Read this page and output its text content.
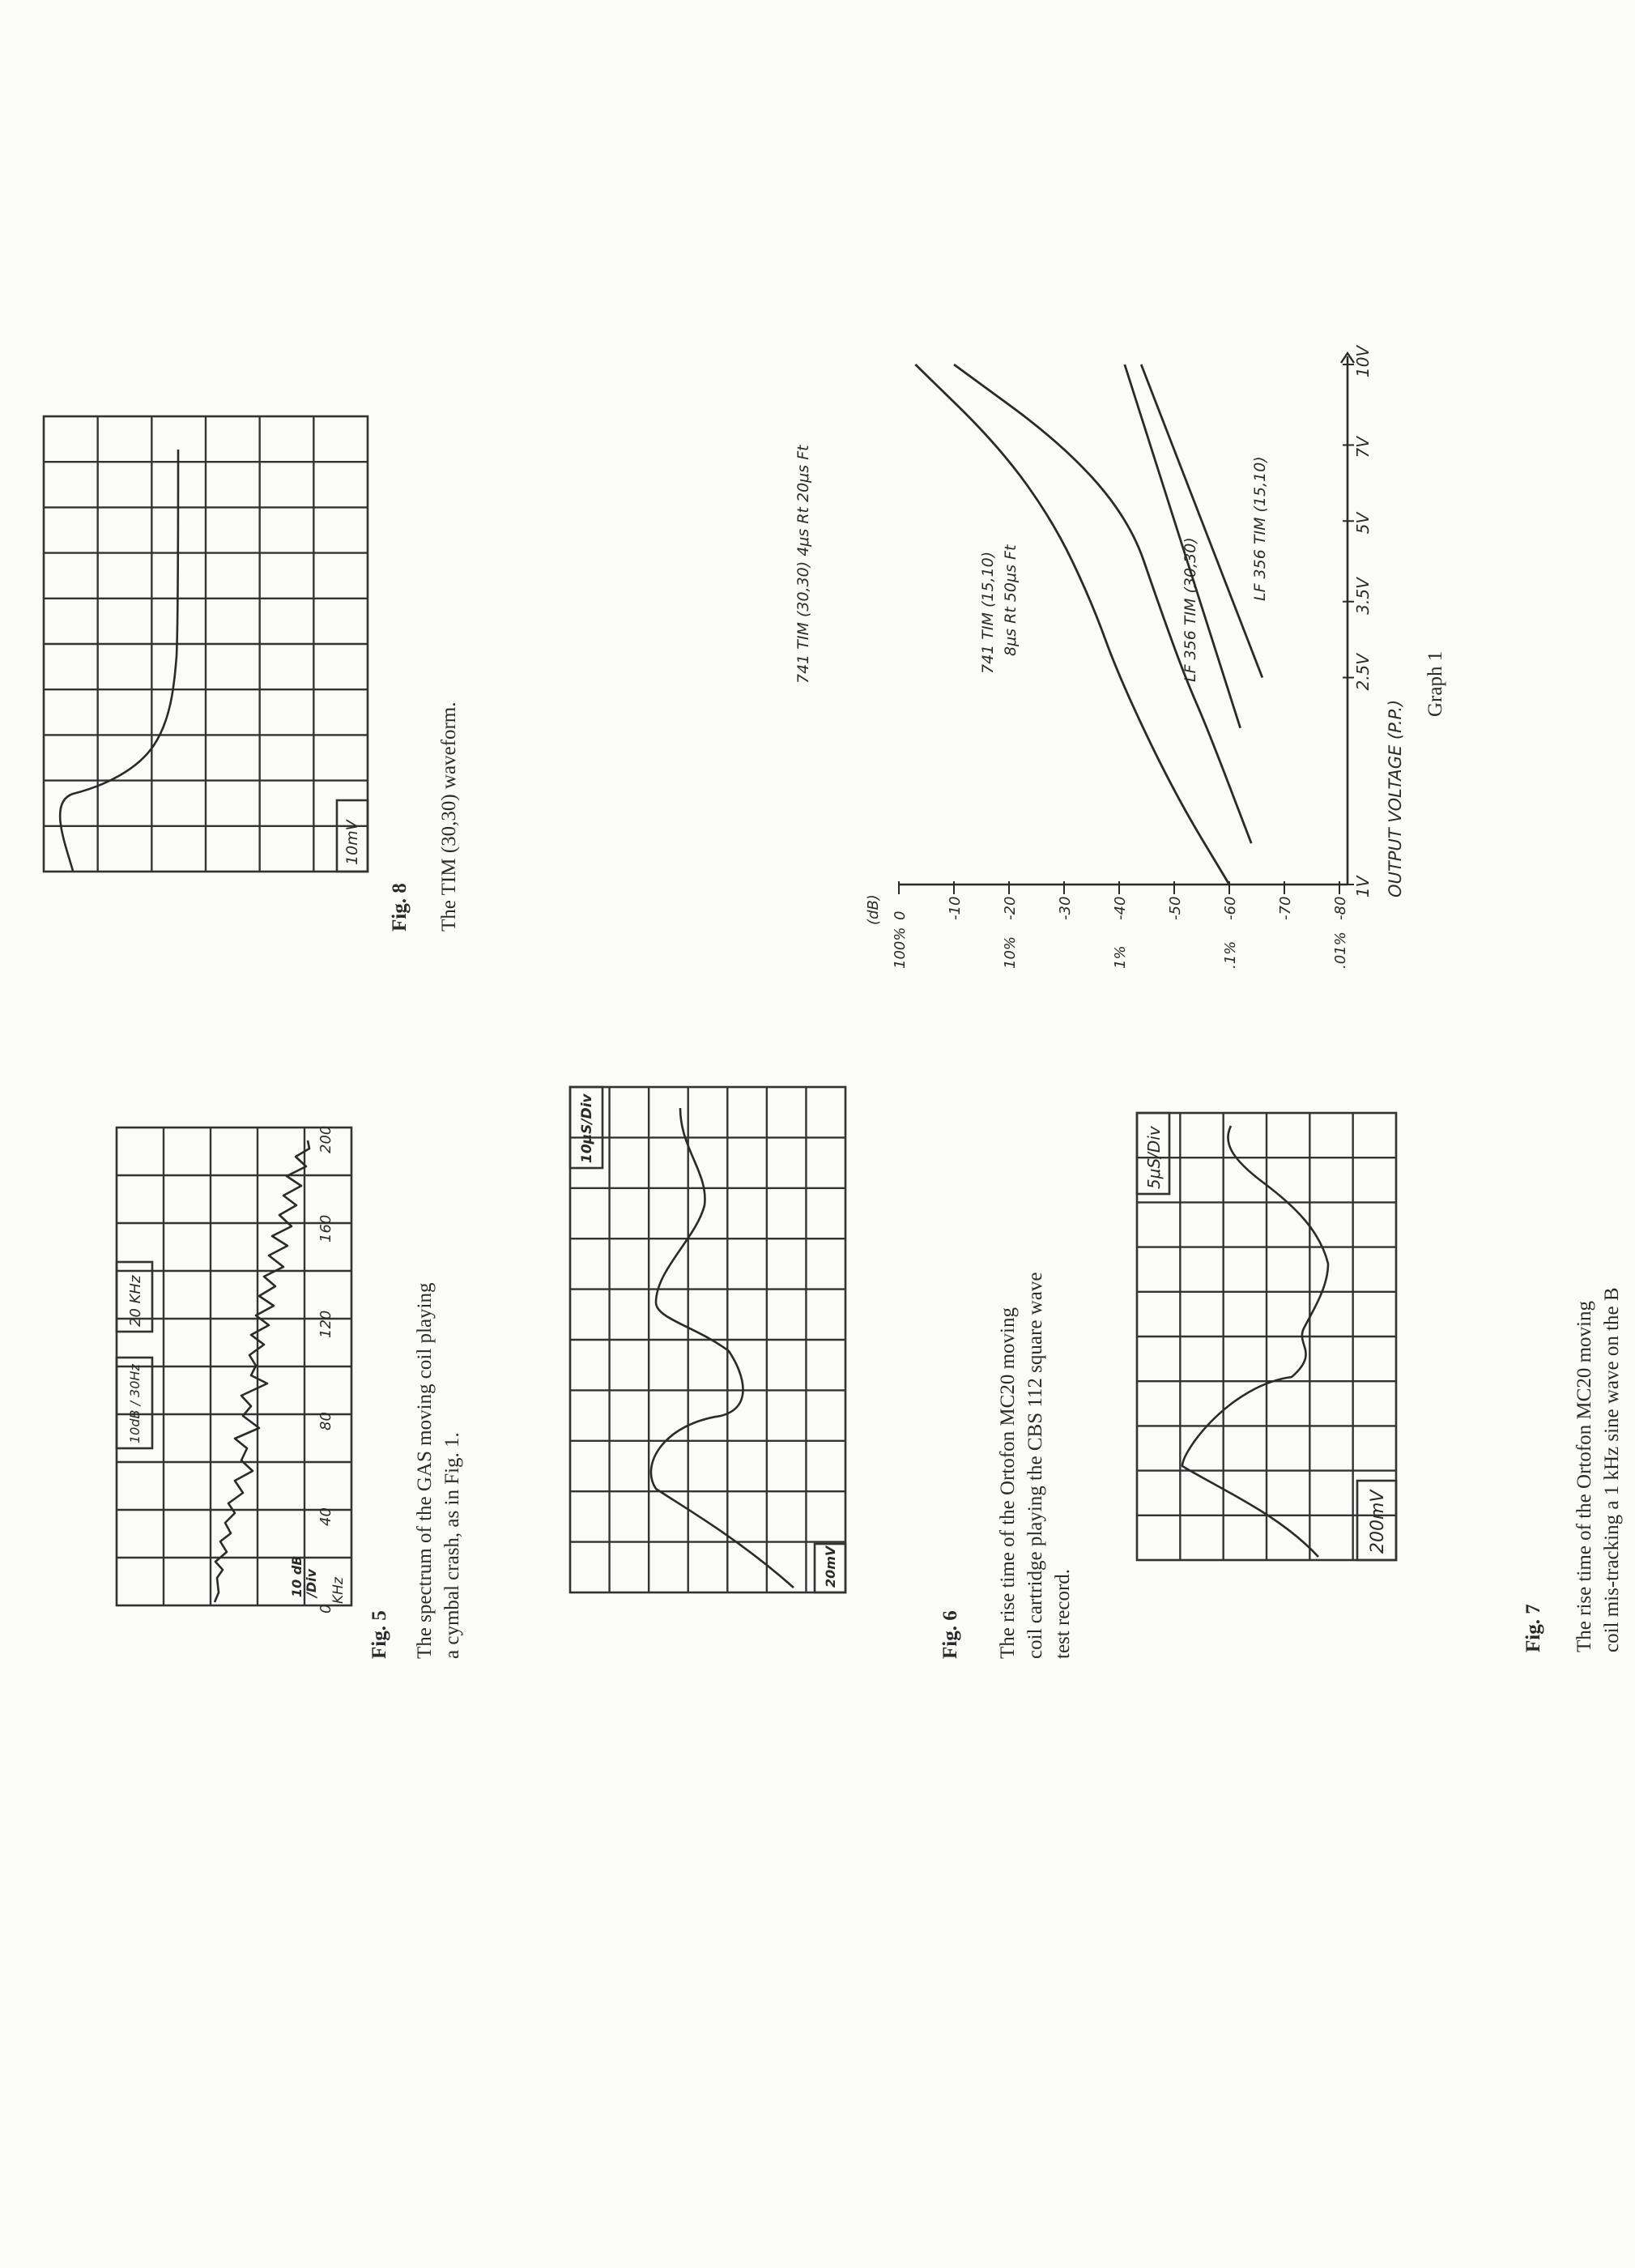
10 dB /Div
10dB / 30Hz
20 KHz
0
40
80
120
160
200
KHz
Fig. 5 The spectrum of the GAS moving coil playing a cymbal crash, as in Fig. 1.
10μS/Div
20mV
Fig. 6 The rise time of the Ortofon MC20 moving coil cartridge playing the CBS 112 square wave test record.
5μS/Div
200mV
Fig. 7 The rise time of the Ortofon MC20 moving coil mis-tracking a 1 kHz sine wave on the B
10mV
Fig. 8 The TIM (30,30) waveform.	0	-10	-20	-30	-40	-50	-60	-70	-80
100%	10%	1%	.1%	.01%
1V
2.5V
3.5V
5V
7V
10V
(dB)
OUTPUT VOLTAGE (P.P.)
741 TIM (30,30) 4μs Rt 20μs Ft	741 TIM (15,10) 8μs Rt 50μs Ft	LF 356 TIM (30,30)
LF 356 TIM (15,10)
Graph 1
